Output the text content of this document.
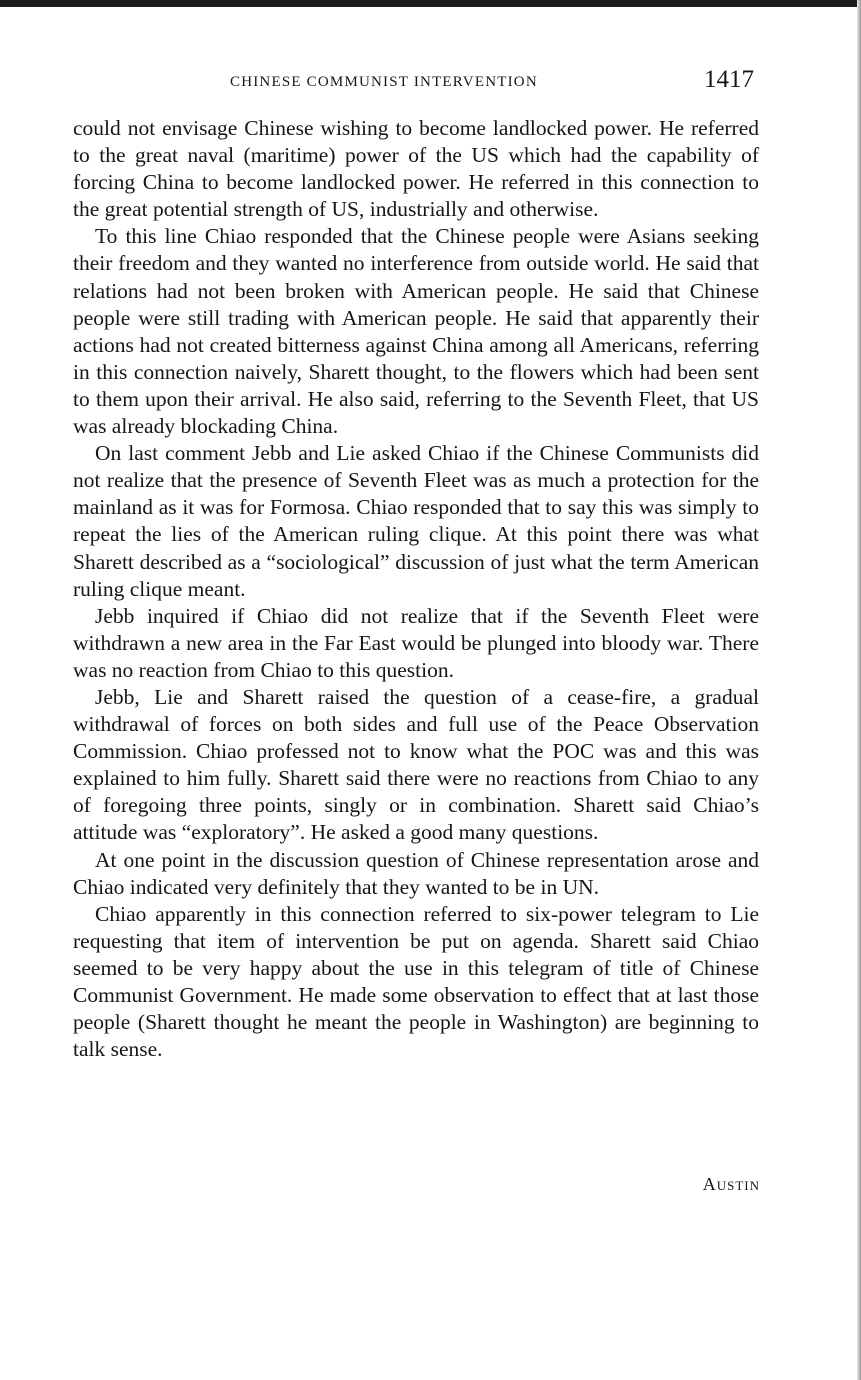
CHINESE COMMUNIST INTERVENTION	1417

could not envisage Chinese wishing to become landlocked power. He referred to the great naval (maritime) power of the US which had the capability of forcing China to become landlocked power. He referred in this connection to the great potential strength of US, industrially and otherwise.

To this line Chiao responded that the Chinese people were Asians seeking their freedom and they wanted no interference from outside world. He said that relations had not been broken with American people. He said that Chinese people were still trading with American people. He said that apparently their actions had not created bitterness against China among all Americans, referring in this connection naively, Sharett thought, to the flowers which had been sent to them upon their arrival. He also said, referring to the Seventh Fleet, that US was already blockading China.

On last comment Jebb and Lie asked Chiao if the Chinese Communists did not realize that the presence of Seventh Fleet was as much a protection for the mainland as it was for Formosa. Chiao responded that to say this was simply to repeat the lies of the American ruling clique. At this point there was what Sharett described as a “sociological” discussion of just what the term American ruling clique meant.

Jebb inquired if Chiao did not realize that if the Seventh Fleet were withdrawn a new area in the Far East would be plunged into bloody war. There was no reaction from Chiao to this question.

Jebb, Lie and Sharett raised the question of a cease-fire, a gradual withdrawal of forces on both sides and full use of the Peace Observation Commission. Chiao professed not to know what the POC was and this was explained to him fully. Sharett said there were no reactions from Chiao to any of foregoing three points, singly or in combination. Sharett said Chiao’s attitude was “exploratory”. He asked a good many questions.

At one point in the discussion question of Chinese representation arose and Chiao indicated very definitely that they wanted to be in UN.

Chiao apparently in this connection referred to six-power telegram to Lie requesting that item of intervention be put on agenda. Sharett said Chiao seemed to be very happy about the use in this telegram of title of Chinese Communist Government. He made some observation to effect that at last those people (Sharett thought he meant the people in Washington) are beginning to talk sense.

Austin
